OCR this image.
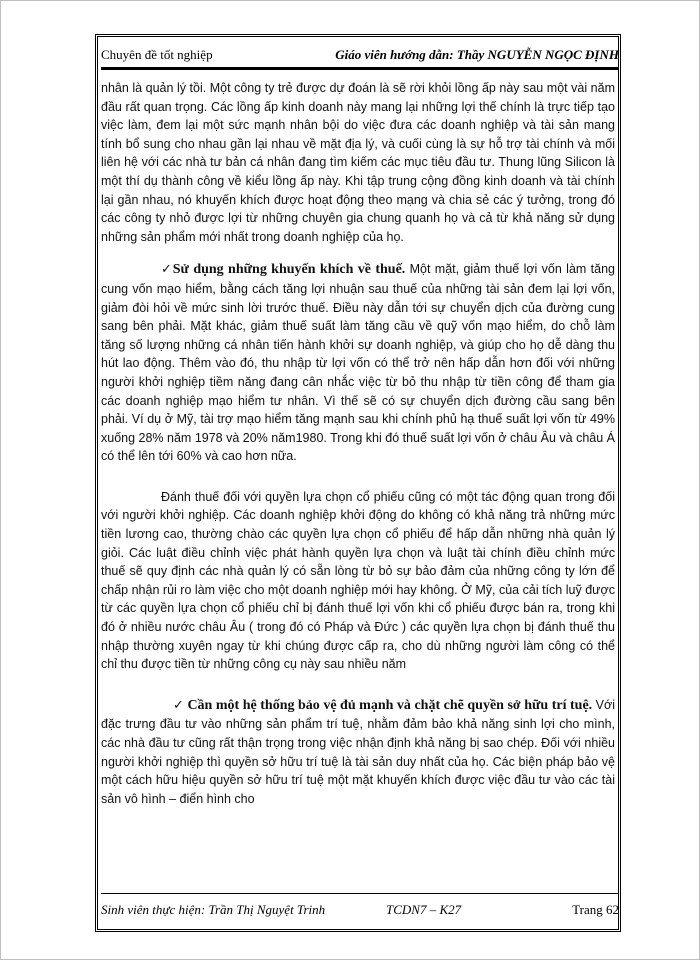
Chuyên đề tốt nghiệp	Giáo viên hướng dẫn: Thầy NGUYỄN NGỌC ĐỊNH

nhân là quản lý tồi. Một công ty trẻ được dự đoán là sẽ rời khỏi lồng ấp này sau một vài năm đầu rất quan trọng. Các lồng ấp kinh doanh này mang lại những lợi thế chính là trực tiếp tạo việc làm, đem lại một sức mạnh nhân bội do việc đưa các doanh nghiệp và tài sản mang tính bổ sung cho nhau gần lại nhau về mặt địa lý, và cuối cùng là sự hỗ trợ tài chính và mối liên hệ với các nhà tư bản cá nhân đang tìm kiếm các mục tiêu đầu tư. Thung lũng Silicon là một thí dụ thành công về kiểu lồng ấp này. Khi tập trung cộng đồng kinh doanh và tài chính lại gần nhau, nó khuyến khích được hoạt động theo mạng và chia sẻ các ý tưởng, trong đó các công ty nhỏ được lợi từ những chuyên gia chung quanh họ và cả từ khả năng sử dụng những sản phẩm mới nhất trong doanh nghiệp của họ.

✓Sử dụng những khuyến khích về thuế. Một mặt, giảm thuế lợi vốn làm tăng cung vốn mạo hiểm, bằng cách tăng lợi nhuận sau thuế của những tài sản đem lại lợi vốn, giảm đòi hỏi về mức sinh lời trước thuế. Điều này dẫn tới sự chuyển dịch của đường cung sang bên phải. Mặt khác, giảm thuế suất làm tăng cầu về quỹ vốn mạo hiểm, do chỗ làm tăng số lượng những cá nhân tiến hành khởi sự doanh nghiệp, và giúp cho họ dễ dàng thu hút lao động. Thêm vào đó, thu nhập từ lợi vốn có thể trở nên hấp dẫn hơn đối với những người khởi nghiệp tiềm năng đang cân nhắc việc từ bỏ thu nhập từ tiền công để tham gia các doanh nghiệp mạo hiểm tư nhân. Vì thế sẽ có sự chuyển dịch đường cầu sang bên phải. Ví dụ ở Mỹ, tài trợ mạo hiểm tăng mạnh sau khi chính phủ hạ thuế suất lợi vốn từ 49% xuống 28% năm 1978 và 20% năm1980. Trong khi đó thuế suất lợi vốn ở châu Âu và châu Á có thể lên tới 60% và cao hơn nữa.

Đánh thuế đối với quyền lựa chọn cổ phiếu cũng có một tác động quan trong đối với người khởi nghiệp. Các doanh nghiệp khởi động do không có khả năng trả những mức tiền lương cao, thường chào các quyền lựa chọn cổ phiếu để hấp dẫn những nhà quản lý giỏi. Các luật điều chỉnh việc phát hành quyền lựa chọn và luật tài chính điều chỉnh mức thuế sẽ quy định các nhà quản lý có sẵn lòng từ bỏ sự bảo đảm của những công ty lớn để chấp nhận rủi ro làm việc cho một doanh nghiệp mới hay không. Ở Mỹ, của cải tích luỹ được từ các quyền lựa chọn cổ phiếu chỉ bị đánh thuế lợi vốn khi cổ phiếu được bán ra, trong khi đó ở nhiều nước châu Âu ( trong đó có Pháp và Đức ) các quyền lựa chọn bị đánh thuế thu nhập thường xuyên ngay từ khi chúng được cấp ra, cho dù những người làm công có thể chỉ thu được tiền từ những công cụ này sau nhiều năm

✓ Cần một hệ thống bảo vệ đủ mạnh và chặt chẽ quyền sở hữu trí tuệ. Với đặc trưng đầu tư vào những sản phẩm trí tuệ, nhằm đảm bảo khả năng sinh lợi cho mình, các nhà đầu tư cũng rất thận trọng trong việc nhận định khả năng bị sao chép. Đối với nhiều người khởi nghiệp thì quyền sở hữu trí tuệ là tài sản duy nhất của họ. Các biện pháp bảo vệ một cách hữu hiệu quyền sở hữu trí tuệ một mặt khuyến khích được việc đầu tư vào các tài sản vô hình – điển hình cho

Sinh viên thực hiện: Trần Thị Nguyệt Trinh	TCDN7 – K27	Trang 62
